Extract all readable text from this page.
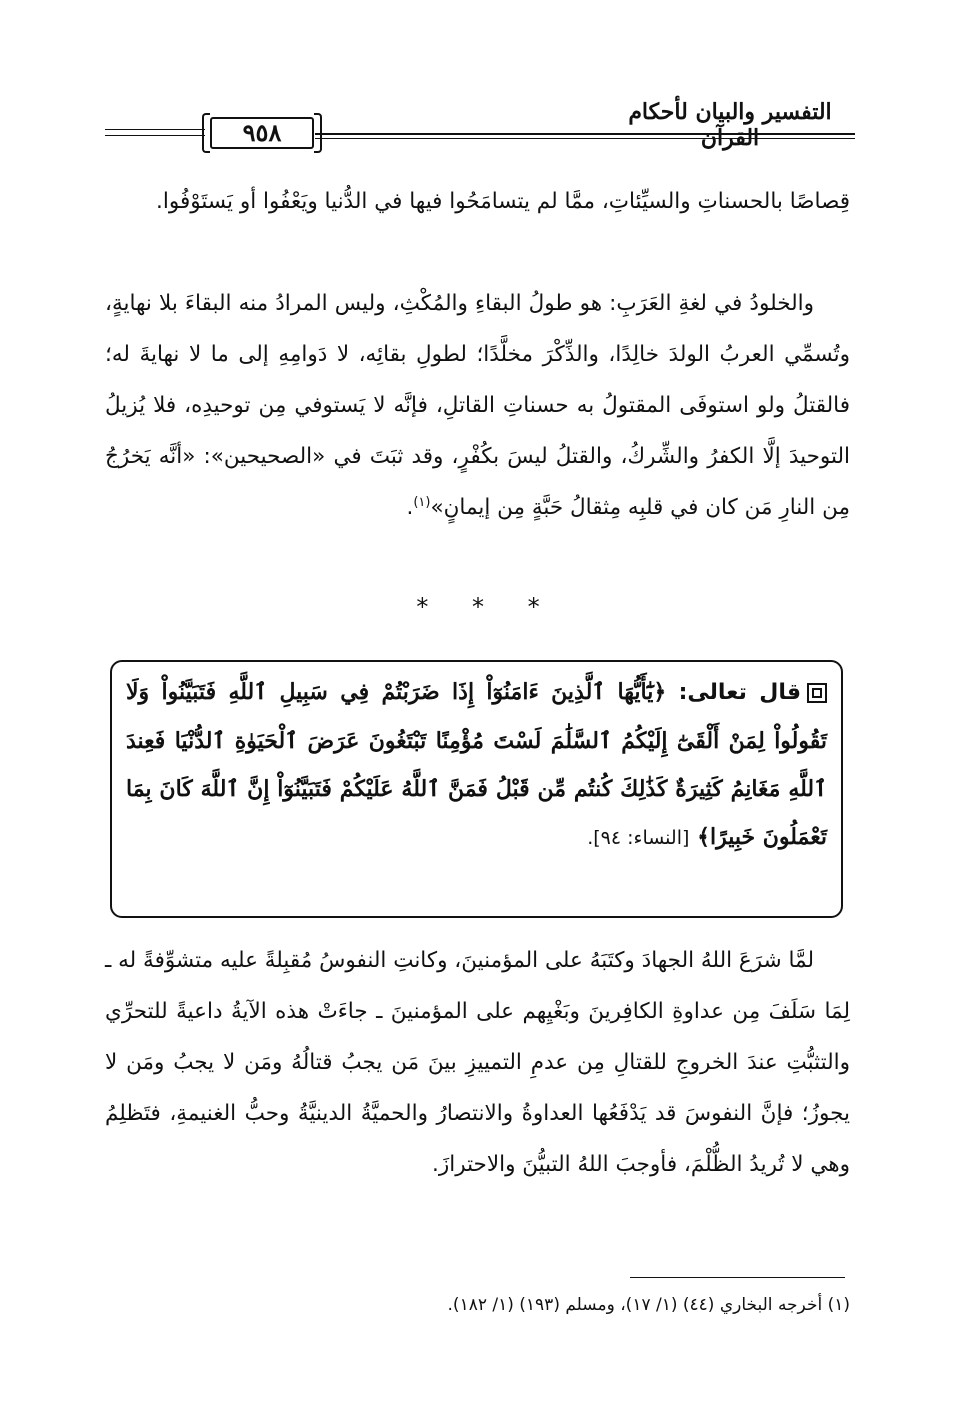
٩٥٨
التفسير والبيان لأحكام القرآن

قِصاصًا بالحسناتِ والسيِّئاتِ، ممَّا لم يتسامَحُوا فيها في الدُّنيا ويَعْفُوا أو يَستَوْفُوا.

والخلودُ في لغةِ العَرَبِ: هو طولُ البقاءِ والمُكْثِ، وليس المرادُ منه البقاءَ بلا نهايةٍ، وتُسمِّي العربُ الولدَ خالِدًا، والذِّكْرَ مخلَّدًا؛ لطولِ بقائِه، لا دَوامِهِ إلى ما لا نهايةَ له؛ فالقتلُ ولو استوفَى المقتولُ به حسناتِ القاتلِ، فإنَّه لا يَستوفي مِن توحيدِه، فلا يُزيلُ التوحيدَ إلَّا الكفرُ والشِّركُ، والقتلُ ليسَ بكُفْرٍ، وقد ثبَتَ في «الصحيحين»: «أنَّه يَخرُجُ مِن النارِ مَن كان في قلبِه مِثقالُ حَبَّةٍ مِن إيمانٍ»$^{(١)}$.

* * *

قال تعالى: ﴿يَٰٓأَيُّهَا ٱلَّذِينَ ءَامَنُوٓاْ إِذَا ضَرَبْتُمْ فِي سَبِيلِ ٱللَّهِ فَتَبَيَّنُواْ وَلَا تَقُولُواْ لِمَنْ أَلْقَىٰٓ إِلَيْكُمُ ٱلسَّلَٰمَ لَسْتَ مُؤْمِنًا تَبْتَغُونَ عَرَضَ ٱلْحَيَوٰةِ ٱلدُّنْيَا فَعِندَ ٱللَّهِ مَغَانِمُ كَثِيرَةٌ كَذَٰلِكَ كُنتُم مِّن قَبْلُ فَمَنَّ ٱللَّهُ عَلَيْكُمْ فَتَبَيَّنُوٓاْ إِنَّ ٱللَّهَ كَانَ بِمَا تَعْمَلُونَ خَبِيرًا﴾ [النساء: ٩٤].

لمَّا شرَعَ اللهُ الجهادَ وكتَبَهُ على المؤمنينَ، وكانتِ النفوسُ مُقبِلةً عليه متشوِّفةً له ـ لِمَا سَلَفَ مِن عداوةِ الكافِرينَ وبَغْيِهم على المؤمنينَ ـ جاءَتْ هذه الآيةُ داعيةً للتحرِّي والتثبُّتِ عندَ الخروجِ للقتالِ مِن عدمِ التمييزِ بينَ مَن يجبُ قتالُهُ ومَن لا يجبُ ومَن لا يجوزُ؛ فإنَّ النفوسَ قد يَدْفَعُها العداوةُ والانتصارُ والحميَّةُ الدينيَّةُ وحبُّ الغنيمةِ، فتَظلِمُ وهي لا تُريدُ الظُّلْمَ، فأوجبَ اللهُ التبيُّنَ والاحترازَ.

(١) أخرجه البخاري (٤٤) (١/ ١٧)، ومسلم (١٩٣) (١/ ١٨٢).
